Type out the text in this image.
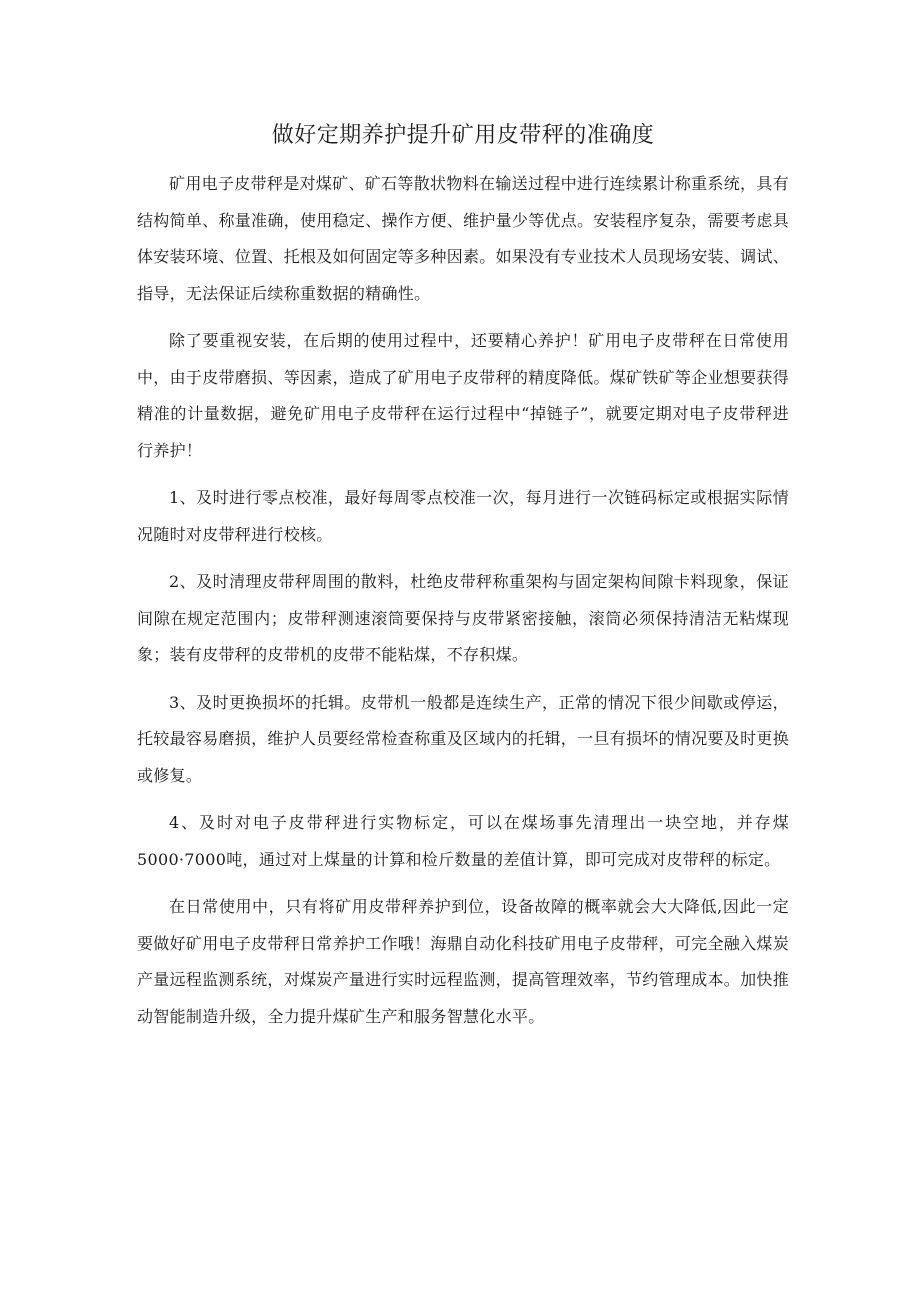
做好定期养护提升矿用皮带秤的准确度

矿用电子皮带秤是对煤矿、矿石等散状物料在输送过程中进行连续累计称重系统，具有结构简单、称量准确，使用稳定、操作方便、维护量少等优点。安装程序复杂，需要考虑具体安装环境、位置、托根及如何固定等多种因素。如果没有专业技术人员现场安装、调试、指导，无法保证后续称重数据的精确性。

除了要重视安装，在后期的使用过程中，还要精心养护！矿用电子皮带秤在日常使用中，由于皮带磨损、等因素，造成了矿用电子皮带秤的精度降低。煤矿铁矿等企业想要获得精准的计量数据，避免矿用电子皮带秤在运行过程中“掉链子”，就要定期对电子皮带秤进行养护！

1、及时进行零点校准，最好每周零点校准一次，每月进行一次链码标定或根据实际情况随时对皮带秤进行校核。

2、及时清理皮带秤周围的散料，杜绝皮带秤称重架构与固定架构间隙卡料现象，保证间隙在规定范围内；皮带秤测速滚筒要保持与皮带紧密接触，滚筒必须保持清洁无粘煤现象；装有皮带秤的皮带机的皮带不能粘煤，不存积煤。

3、及时更换损坏的托辑。皮带机一般都是连续生产，正常的情况下很少间歇或停运，托较最容易磨损，维护人员要经常检查称重及区域内的托辑，一旦有损坏的情况要及时更换或修复。

4、及时对电子皮带秤进行实物标定，可以在煤场事先清理出一块空地，并存煤5000·7000吨，通过对上煤量的计算和检斤数量的差值计算，即可完成对皮带秤的标定。

在日常使用中，只有将矿用皮带秤养护到位，设备故障的概率就会大大降低,因此一定要做好矿用电子皮带秤日常养护工作哦！海鼎自动化科技矿用电子皮带秤，可完全融入煤炭产量远程监测系统，对煤炭产量进行实时远程监测，提高管理效率，节约管理成本。加快推动智能制造升级，全力提升煤矿生产和服务智慧化水平。
